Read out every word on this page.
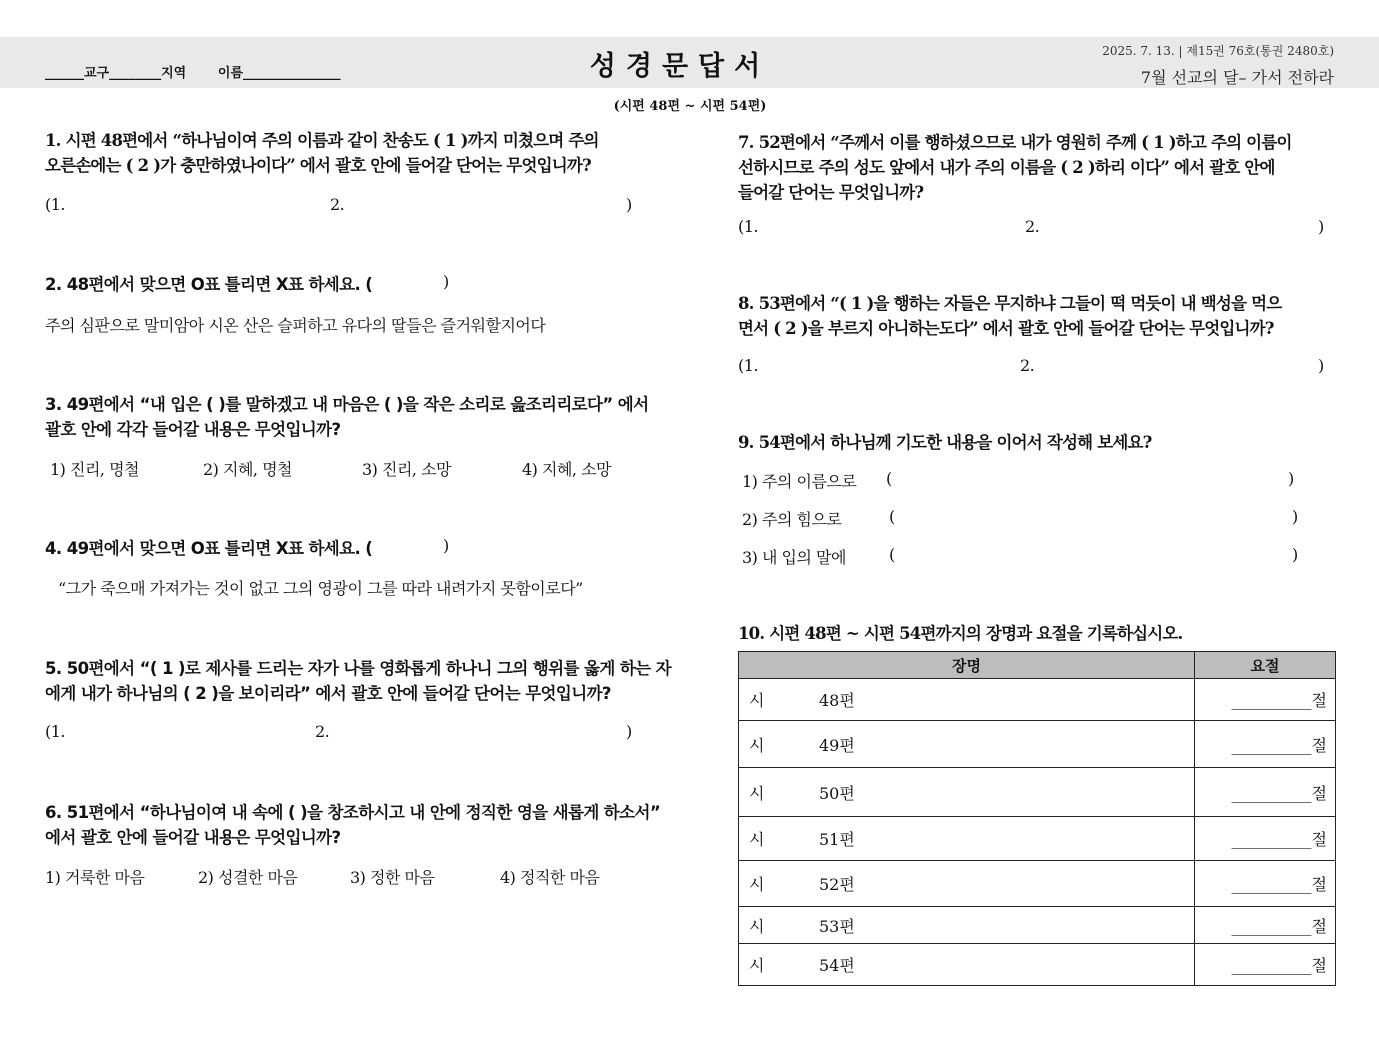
______교구________지역       이름_______________	성경문답서	2025. 7. 13. | 제15권 76호(통권 2480호)
7월 선교의 달– 가서 전하라
(시편 48편 ~ 시편 54편)
1. 시편 48편에서 “하나님이여 주의 이름과 같이 찬송도 ( 1 )까지 미쳤으며 주의
오른손에는 ( 2 )가 충만하였나이다” 에서 괄호 안에 들어갈 단어는 무엇입니까?
(1.	2.	)
2. 48편에서 맞으면 O표 틀리면 X표 하세요. (	)
주의 심판으로 말미암아 시온 산은 슬퍼하고 유다의 딸들은 즐거워할지어다
3. 49편에서 “내 입은 ( )를 말하겠고 내 마음은 ( )을 작은 소리로 읊조리리로다” 에서
괄호 안에 각각 들어갈 내용은 무엇입니까?
1) 진리, 명철	2) 지혜, 명철	3) 진리, 소망	4) 지혜, 소망
4. 49편에서 맞으면 O표 틀리면 X표 하세요. (	)
“그가 죽으매 가져가는 것이 없고 그의 영광이 그를 따라 내려가지 못함이로다”
5. 50편에서 “( 1 )로 제사를 드리는 자가 나를 영화롭게 하나니 그의 행위를 옳게 하는 자
에게 내가 하나님의 ( 2 )을 보이리라” 에서 괄호 안에 들어갈 단어는 무엇입니까?
(1.	2.	)
6. 51편에서 “하나님이여 내 속에 ( )을 창조하시고 내 안에 정직한 영을 새롭게 하소서”
에서 괄호 안에 들어갈 내용은 무엇입니까?
1) 거룩한 마음	2) 성결한 마음	3) 정한 마음	4) 정직한 마음
7. 52편에서 “주께서 이를 행하셨으므로 내가 영원히 주께 ( 1 )하고 주의 이름이
선하시므로 주의 성도 앞에서 내가 주의 이름을 ( 2 )하리 이다” 에서 괄호 안에
들어갈 단어는 무엇입니까?
(1.	2.	)
8. 53편에서 “( 1 )을 행하는 자들은 무지하냐 그들이 떡 먹듯이 내 백성을 먹으
면서 ( 2 )을 부르지 아니하는도다” 에서 괄호 안에 들어갈 단어는 무엇입니까?
(1.	2.	)
9. 54편에서 하나님께 기도한 내용을 이어서 작성해 보세요?
1) 주의 이름으로 (	)
2) 주의 힘으로	(	)
3) 내 입의 말에	(	)
10. 시편 48편 ~ 시편 54편까지의 장명과 요절을 기록하십시오.
장명	요절
시 48편	__________절
시 49편	__________절
시 50편	__________절
시 51편	__________절
시 52편	__________절
시 53편	__________절
시 54편	__________절
